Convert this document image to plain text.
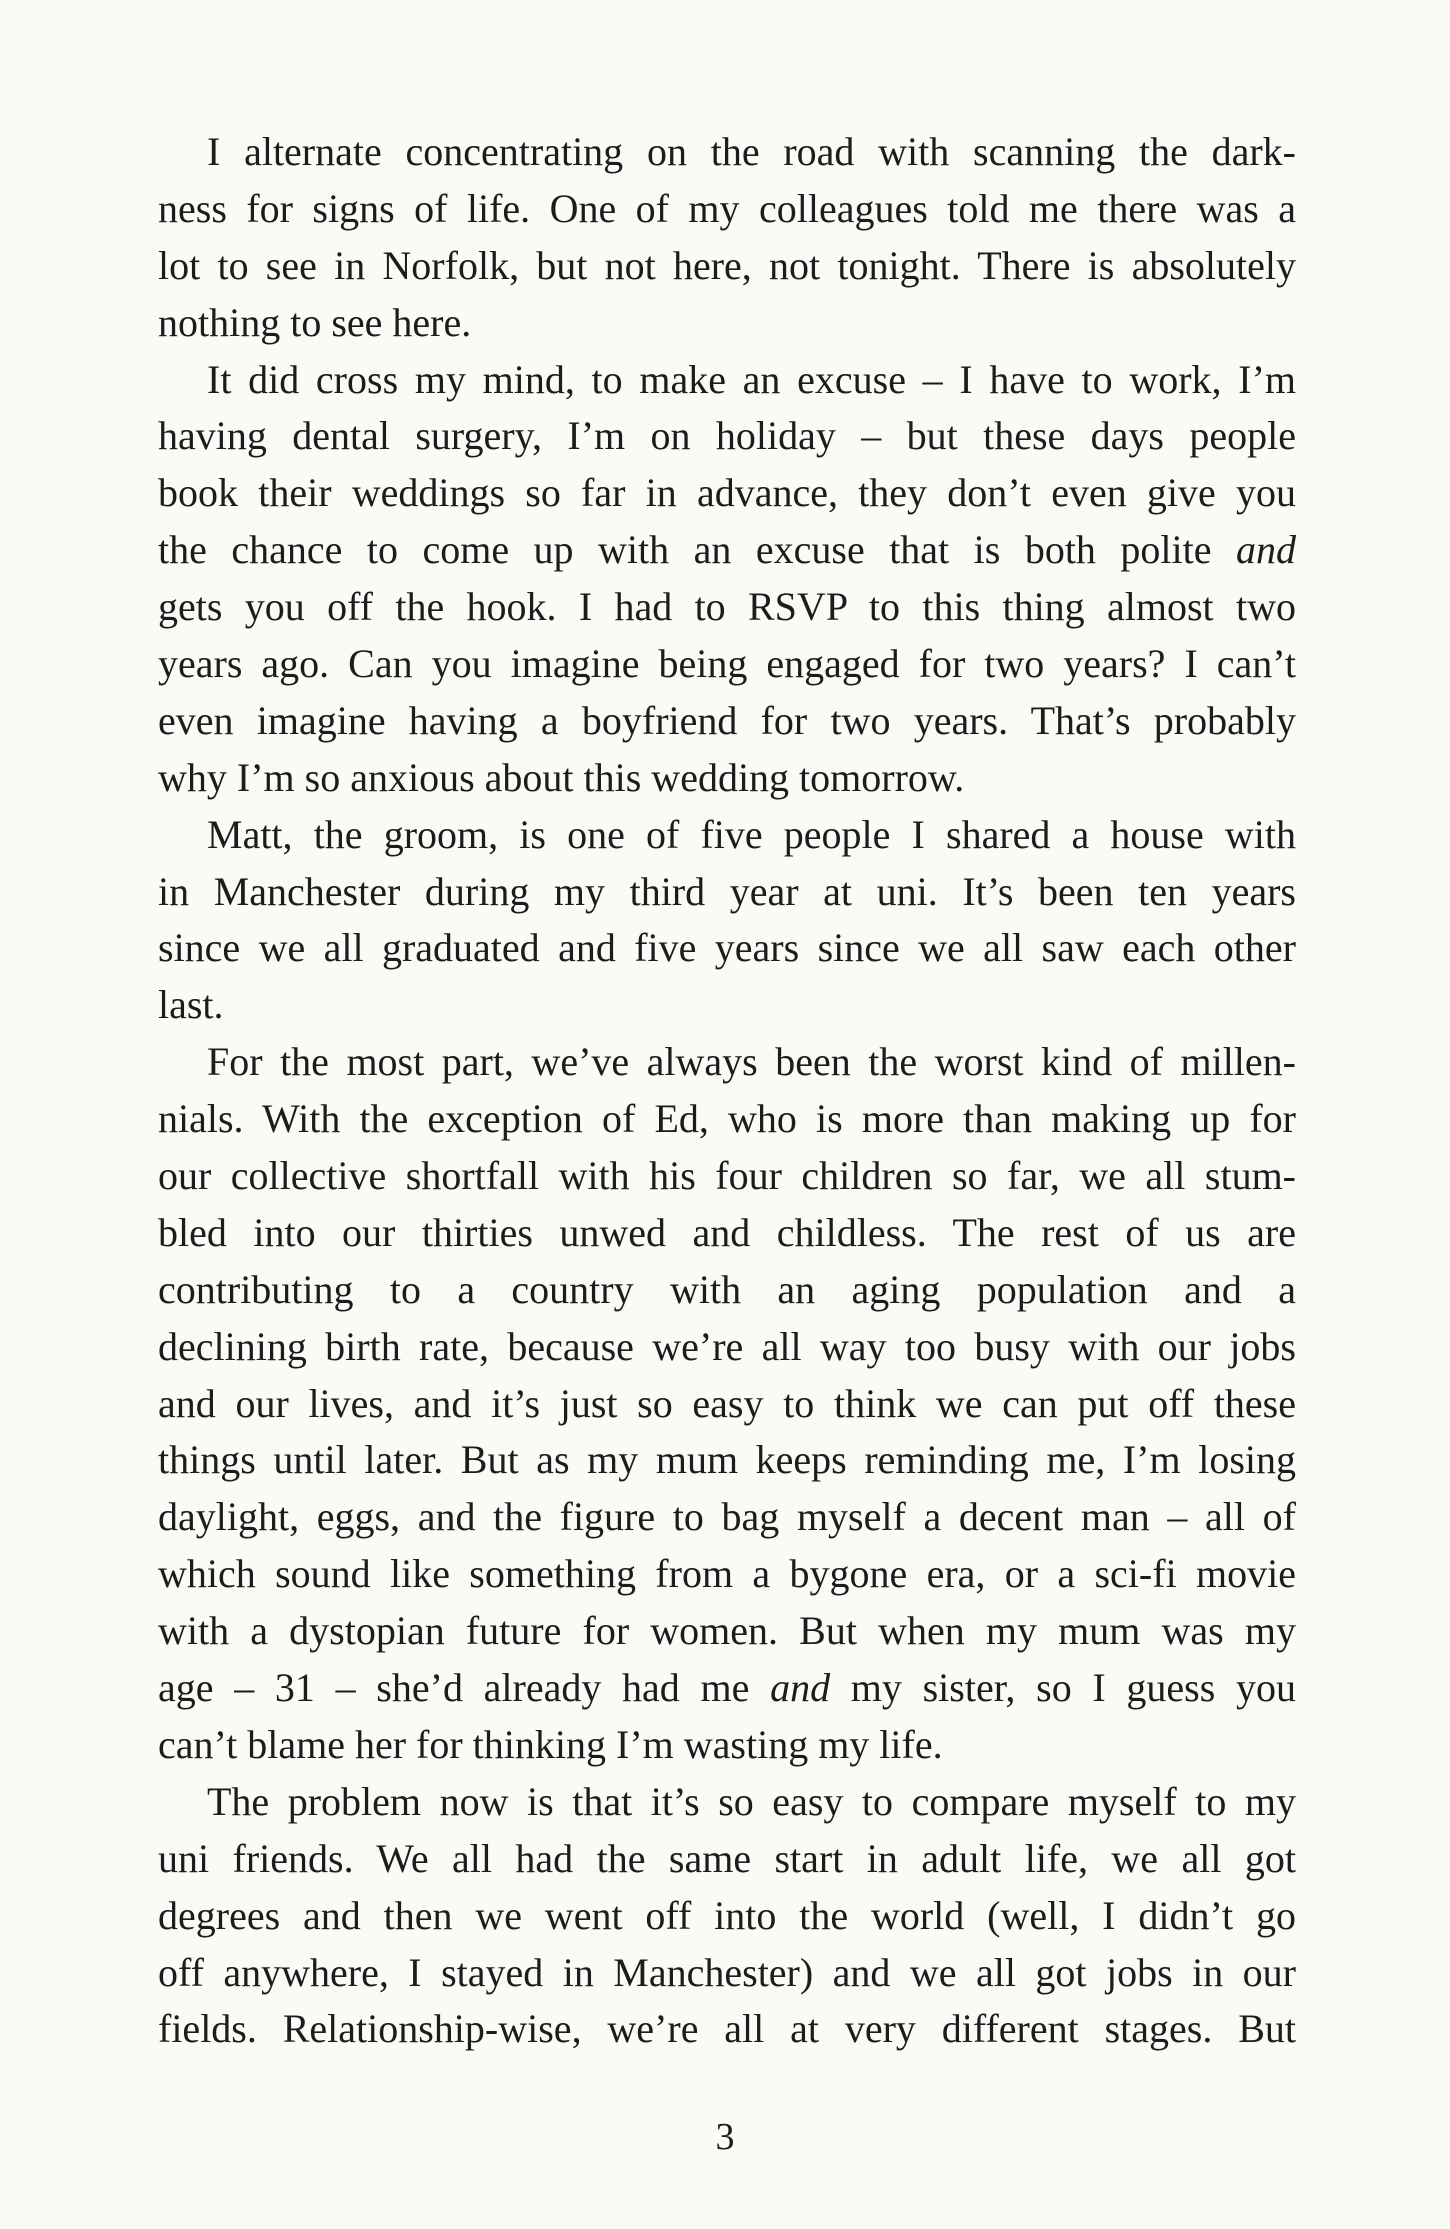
I alternate concentrating on the road with scanning the dark-
ness for signs of life. One of my colleagues told me there was a
lot to see in Norfolk, but not here, not tonight. There is absolutely
nothing to see here.
It did cross my mind, to make an excuse – I have to work, I’m
having dental surgery, I’m on holiday – but these days people
book their weddings so far in advance, they don’t even give you
the chance to come up with an excuse that is both polite and
gets you off the hook. I had to RSVP to this thing almost two
years ago. Can you imagine being engaged for two years? I can’t
even imagine having a boyfriend for two years. That’s probably
why I’m so anxious about this wedding tomorrow.
Matt, the groom, is one of five people I shared a house with
in Manchester during my third year at uni. It’s been ten years
since we all graduated and five years since we all saw each other
last.
For the most part, we’ve always been the worst kind of millen-
nials. With the exception of Ed, who is more than making up for
our collective shortfall with his four children so far, we all stum-
bled into our thirties unwed and childless. The rest of us are
contributing to a country with an aging population and a
declining birth rate, because we’re all way too busy with our jobs
and our lives, and it’s just so easy to think we can put off these
things until later. But as my mum keeps reminding me, I’m losing
daylight, eggs, and the figure to bag myself a decent man – all of
which sound like something from a bygone era, or a sci-fi movie
with a dystopian future for women. But when my mum was my
age – 31 – she’d already had me and my sister, so I guess you
can’t blame her for thinking I’m wasting my life.
The problem now is that it’s so easy to compare myself to my
uni friends. We all had the same start in adult life, we all got
degrees and then we went off into the world (well, I didn’t go
off anywhere, I stayed in Manchester) and we all got jobs in our
fields. Relationship-wise, we’re all at very different stages. But
3
